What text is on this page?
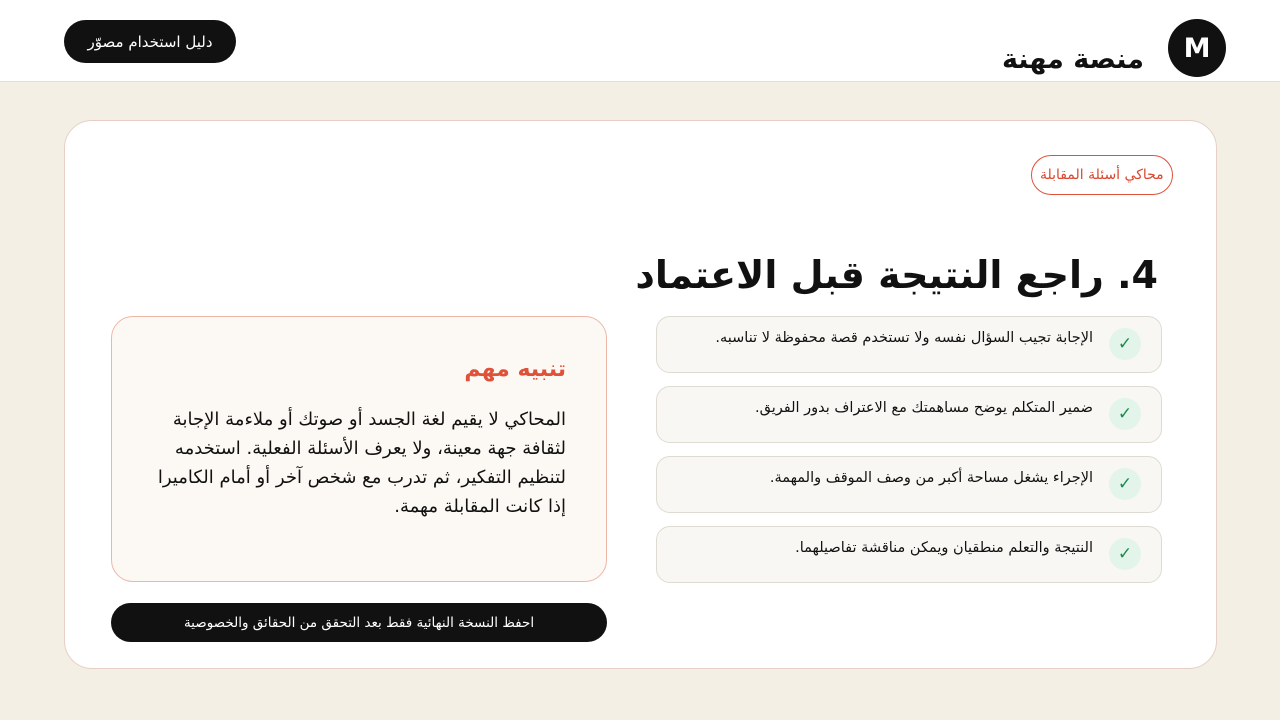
M
منصة مهنة
دليل استخدام مصوّر
محاكي أسئلة المقابلة
4. راجع النتيجة قبل الاعتماد
الإجابة تجيب السؤال نفسه ولا تستخدم قصة محفوظة لا تناسبه.	✓
ضمير المتكلم يوضح مساهمتك مع الاعتراف بدور الفريق.	✓
الإجراء يشغل مساحة أكبر من وصف الموقف والمهمة.	✓
النتيجة والتعلم منطقيان ويمكن مناقشة تفاصيلهما.	✓
تنبيه مهم

المحاكي لا يقيم لغة الجسد أو صوتك أو ملاءمة الإجابة لثقافة جهة معينة، ولا يعرف الأسئلة الفعلية. استخدمه لتنظيم التفكير، ثم تدرب مع شخص آخر أو أمام الكاميرا إذا كانت المقابلة مهمة.

احفظ النسخة النهائية فقط بعد التحقق من الحقائق والخصوصية
